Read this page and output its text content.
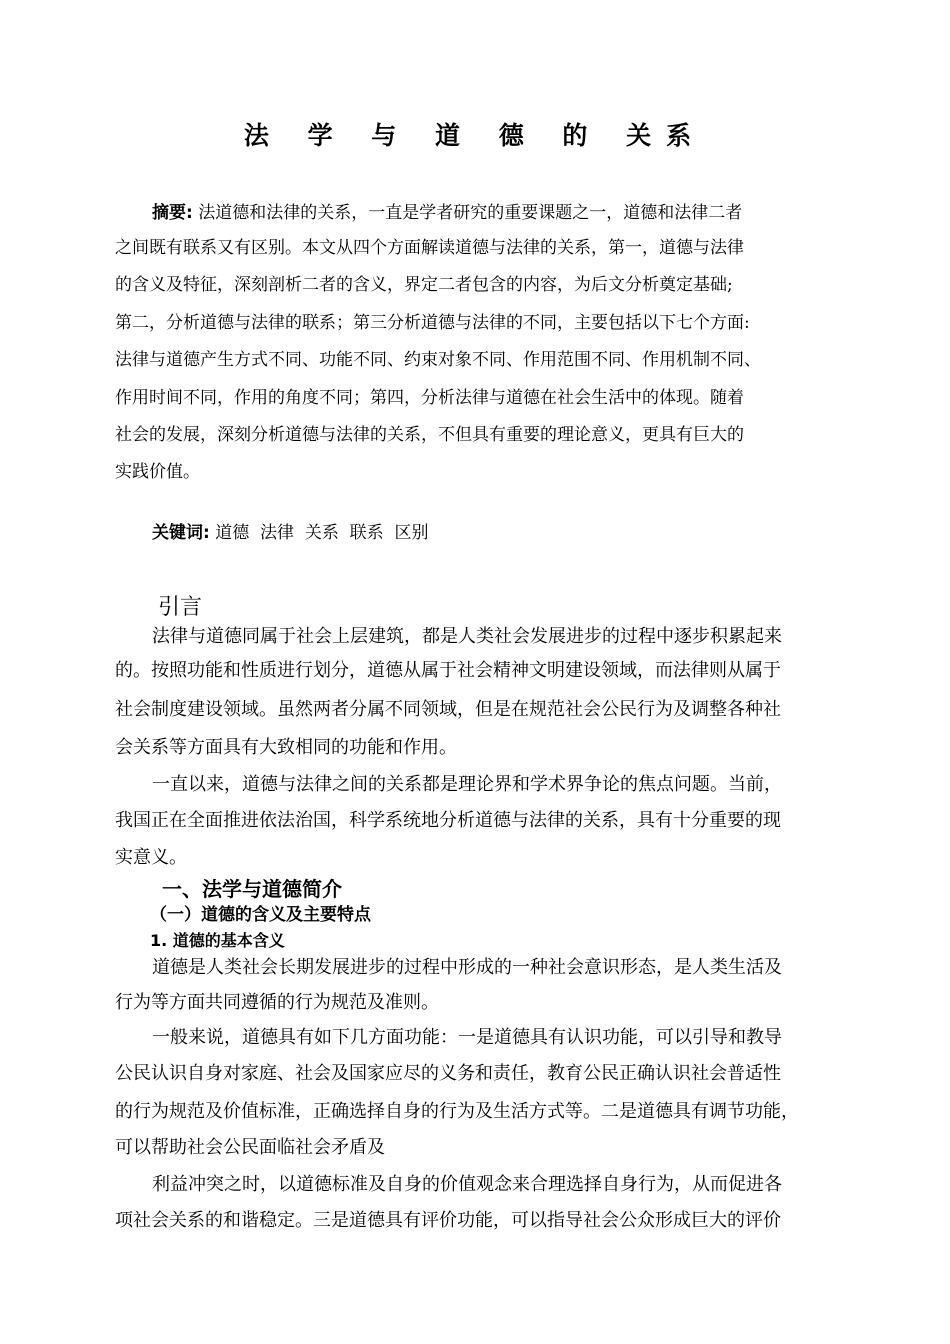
法 学 与 道 德 的 关系
摘要: 法道德和法律的关系，一直是学者研究的重要课题之一，道德和法律二者
之间既有联系又有区别。本文从四个方面解读道德与法律的关系，第一，道德与法律
的含义及特征，深刻剖析二者的含义，界定二者包含的内容，为后文分析奠定基础;
第二，分析道德与法律的联系；第三分析道德与法律的不同，主要包括以下七个方面:
法律与道德产生方式不同、功能不同、约束对象不同、作用范围不同、作用机制不同、
作用时间不同，作用的角度不同；第四，分析法律与道德在社会生活中的体现。随着
社会的发展，深刻分析道德与法律的关系，不但具有重要的理论意义，更具有巨大的
实践价值。
关键词: 道德  法律  关系  联系  区别
引言
法律与道德同属于社会上层建筑，都是人类社会发展进步的过程中逐步积累起来
的。按照功能和性质进行划分，道德从属于社会精神文明建设领域，而法律则从属于
社会制度建设领域。虽然两者分属不同领域，但是在规范社会公民行为及调整各种社
会关系等方面具有大致相同的功能和作用。
一直以来，道德与法律之间的关系都是理论界和学术界争论的焦点问题。当前，
我国正在全面推进依法治国，科学系统地分析道德与法律的关系，具有十分重要的现
实意义。
一、法学与道德简介
（一）道德的含义及主要特点
1. 道德的基本含义
道德是人类社会长期发展进步的过程中形成的一种社会意识形态，是人类生活及
行为等方面共同遵循的行为规范及准则。
一般来说，道德具有如下几方面功能：一是道德具有认识功能，可以引导和教导
公民认识自身对家庭、社会及国家应尽的义务和责任，教育公民正确认识社会普适性
的行为规范及价值标准，正确选择自身的行为及生活方式等。二是道德具有调节功能，
可以帮助社会公民面临社会矛盾及
利益冲突之时，以道德标准及自身的价值观念来合理选择自身行为，从而促进各
项社会关系的和谐稳定。三是道德具有评价功能，可以指导社会公众形成巨大的评价
